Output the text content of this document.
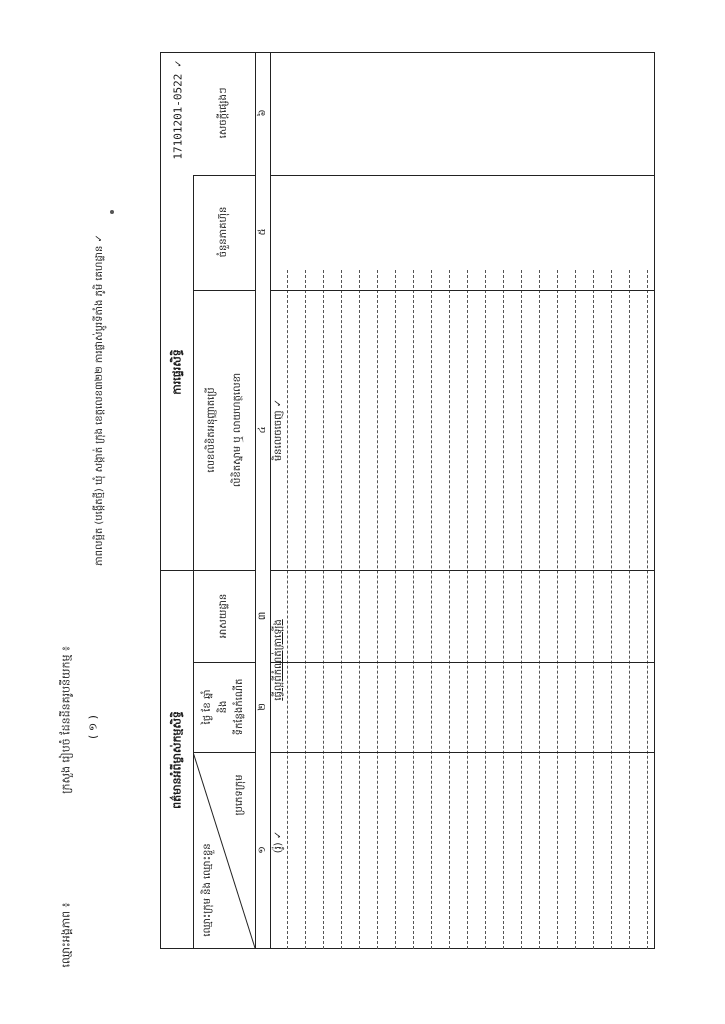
17101201-0522 ✓
ភាពលម្អិត (បង្កើតថ្មី) ឃុំ សង្កាត់ ក្រុង ខេត្តលេខ៣២២ ការផ្លាស់ប្តូរទីតាំង ភូមិ គេហដ្ឋាន ✓
ក្រសួង រៀបចំ ដែនដីនគរូបនីយកម្ម ៖ ( ១ )
ឈ្មោះអង្គភាព ៖
ពត៌មានអំពីម្ចាស់កម្មសិទ្ធិ
ការផ្ទេរសិទ្ធិ
ឈ្មោះក្រុម និង ឈ្មោះខ្លួន
ប្រភេទក្រុម
ថ្ងៃ ខែ ឆ្នាំ និង ទីកន្លែងកំណើត
អាសយដ្ឋាន
លេខលិខិតអនុញ្ញាតប្រើ លិខិតស្នាម ឬ លាយហត្ថលេខា
ចំនួនភាគហ៊ុន
សេចក្ដីផ្សេងៗ
១
២
៣
៤
៥
៦
(រ៉ូ) ✓
ធ្វើល្អពីកំណត់ត្រាឡើង
មិនលេចចេញ ✓
